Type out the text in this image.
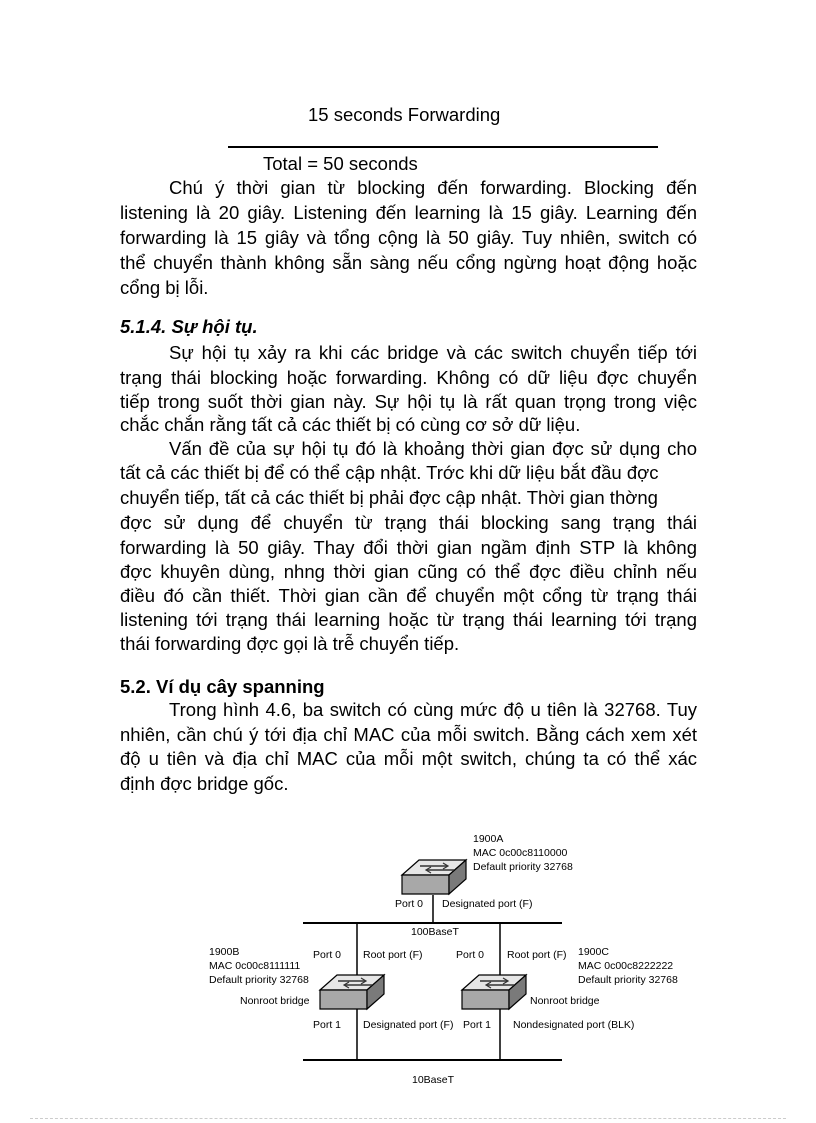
15 seconds Forwarding
Total = 50 seconds
Chú ý thời gian từ blocking đến forwarding. Blocking đến
listening là 20 giây. Listening đến learning là 15 giây. Learning đến
forwarding là 15 giây và tổng cộng là 50 giây. Tuy nhiên, switch có
thể chuyển thành không sẵn sàng nếu cổng ngừng hoạt động hoặc
cổng bị lỗi.
5.1.4. Sự hội tụ.
Sự hội tụ xảy ra khi các bridge và các switch chuyển tiếp tới
trạng thái blocking hoặc forwarding. Không có dữ liệu đợc chuyển
tiếp trong suốt thời gian này. Sự hội tụ là rất quan trọng trong việc
chắc chắn rằng tất cả các thiết bị có cùng cơ sở dữ liệu.
Vấn đề của sự hội tụ đó là khoảng thời gian đợc sử dụng cho
tất cả các thiết bị để có thể cập nhật. Trớc khi dữ liệu bắt đầu đợc
chuyển tiếp, tất cả các thiết bị phải đợc cập nhật. Thời gian thờng
đợc sử dụng để chuyển từ trạng thái blocking sang trạng thái
forwarding là 50 giây. Thay đổi thời gian ngầm định STP là không
đợc khuyên dùng, nhng thời gian cũng có thể đợc điều chỉnh nếu
điều đó cần thiết. Thời gian cần để chuyển một cổng từ trạng thái
listening tới trạng thái learning hoặc từ trạng thái learning tới trạng
thái forwarding đợc gọi là trễ chuyển tiếp.
5.2. Ví dụ cây spanning
Trong hình 4.6, ba switch có cùng mức độ u tiên là 32768. Tuy
nhiên, cần chú ý tới địa chỉ MAC của mỗi switch. Bằng cách xem xét
độ u tiên và địa chỉ MAC của mỗi một switch, chúng ta có thể xác
định đợc bridge gốc.
1900A
MAC 0c00c8110000
Default priority 32768
Port 0 Designated port (F)
100BaseT
1900B
MAC 0c00c8111111
Default priority 32768
Nonroot bridge
Port 0 Root port (F)
Port 1 Designated port (F)
Port 0 Root port (F) 1900C
MAC 0c00c8222222
Default priority 32768
Nonroot bridge
Port 1 Nondesignated port (BLK)
10BaseT
